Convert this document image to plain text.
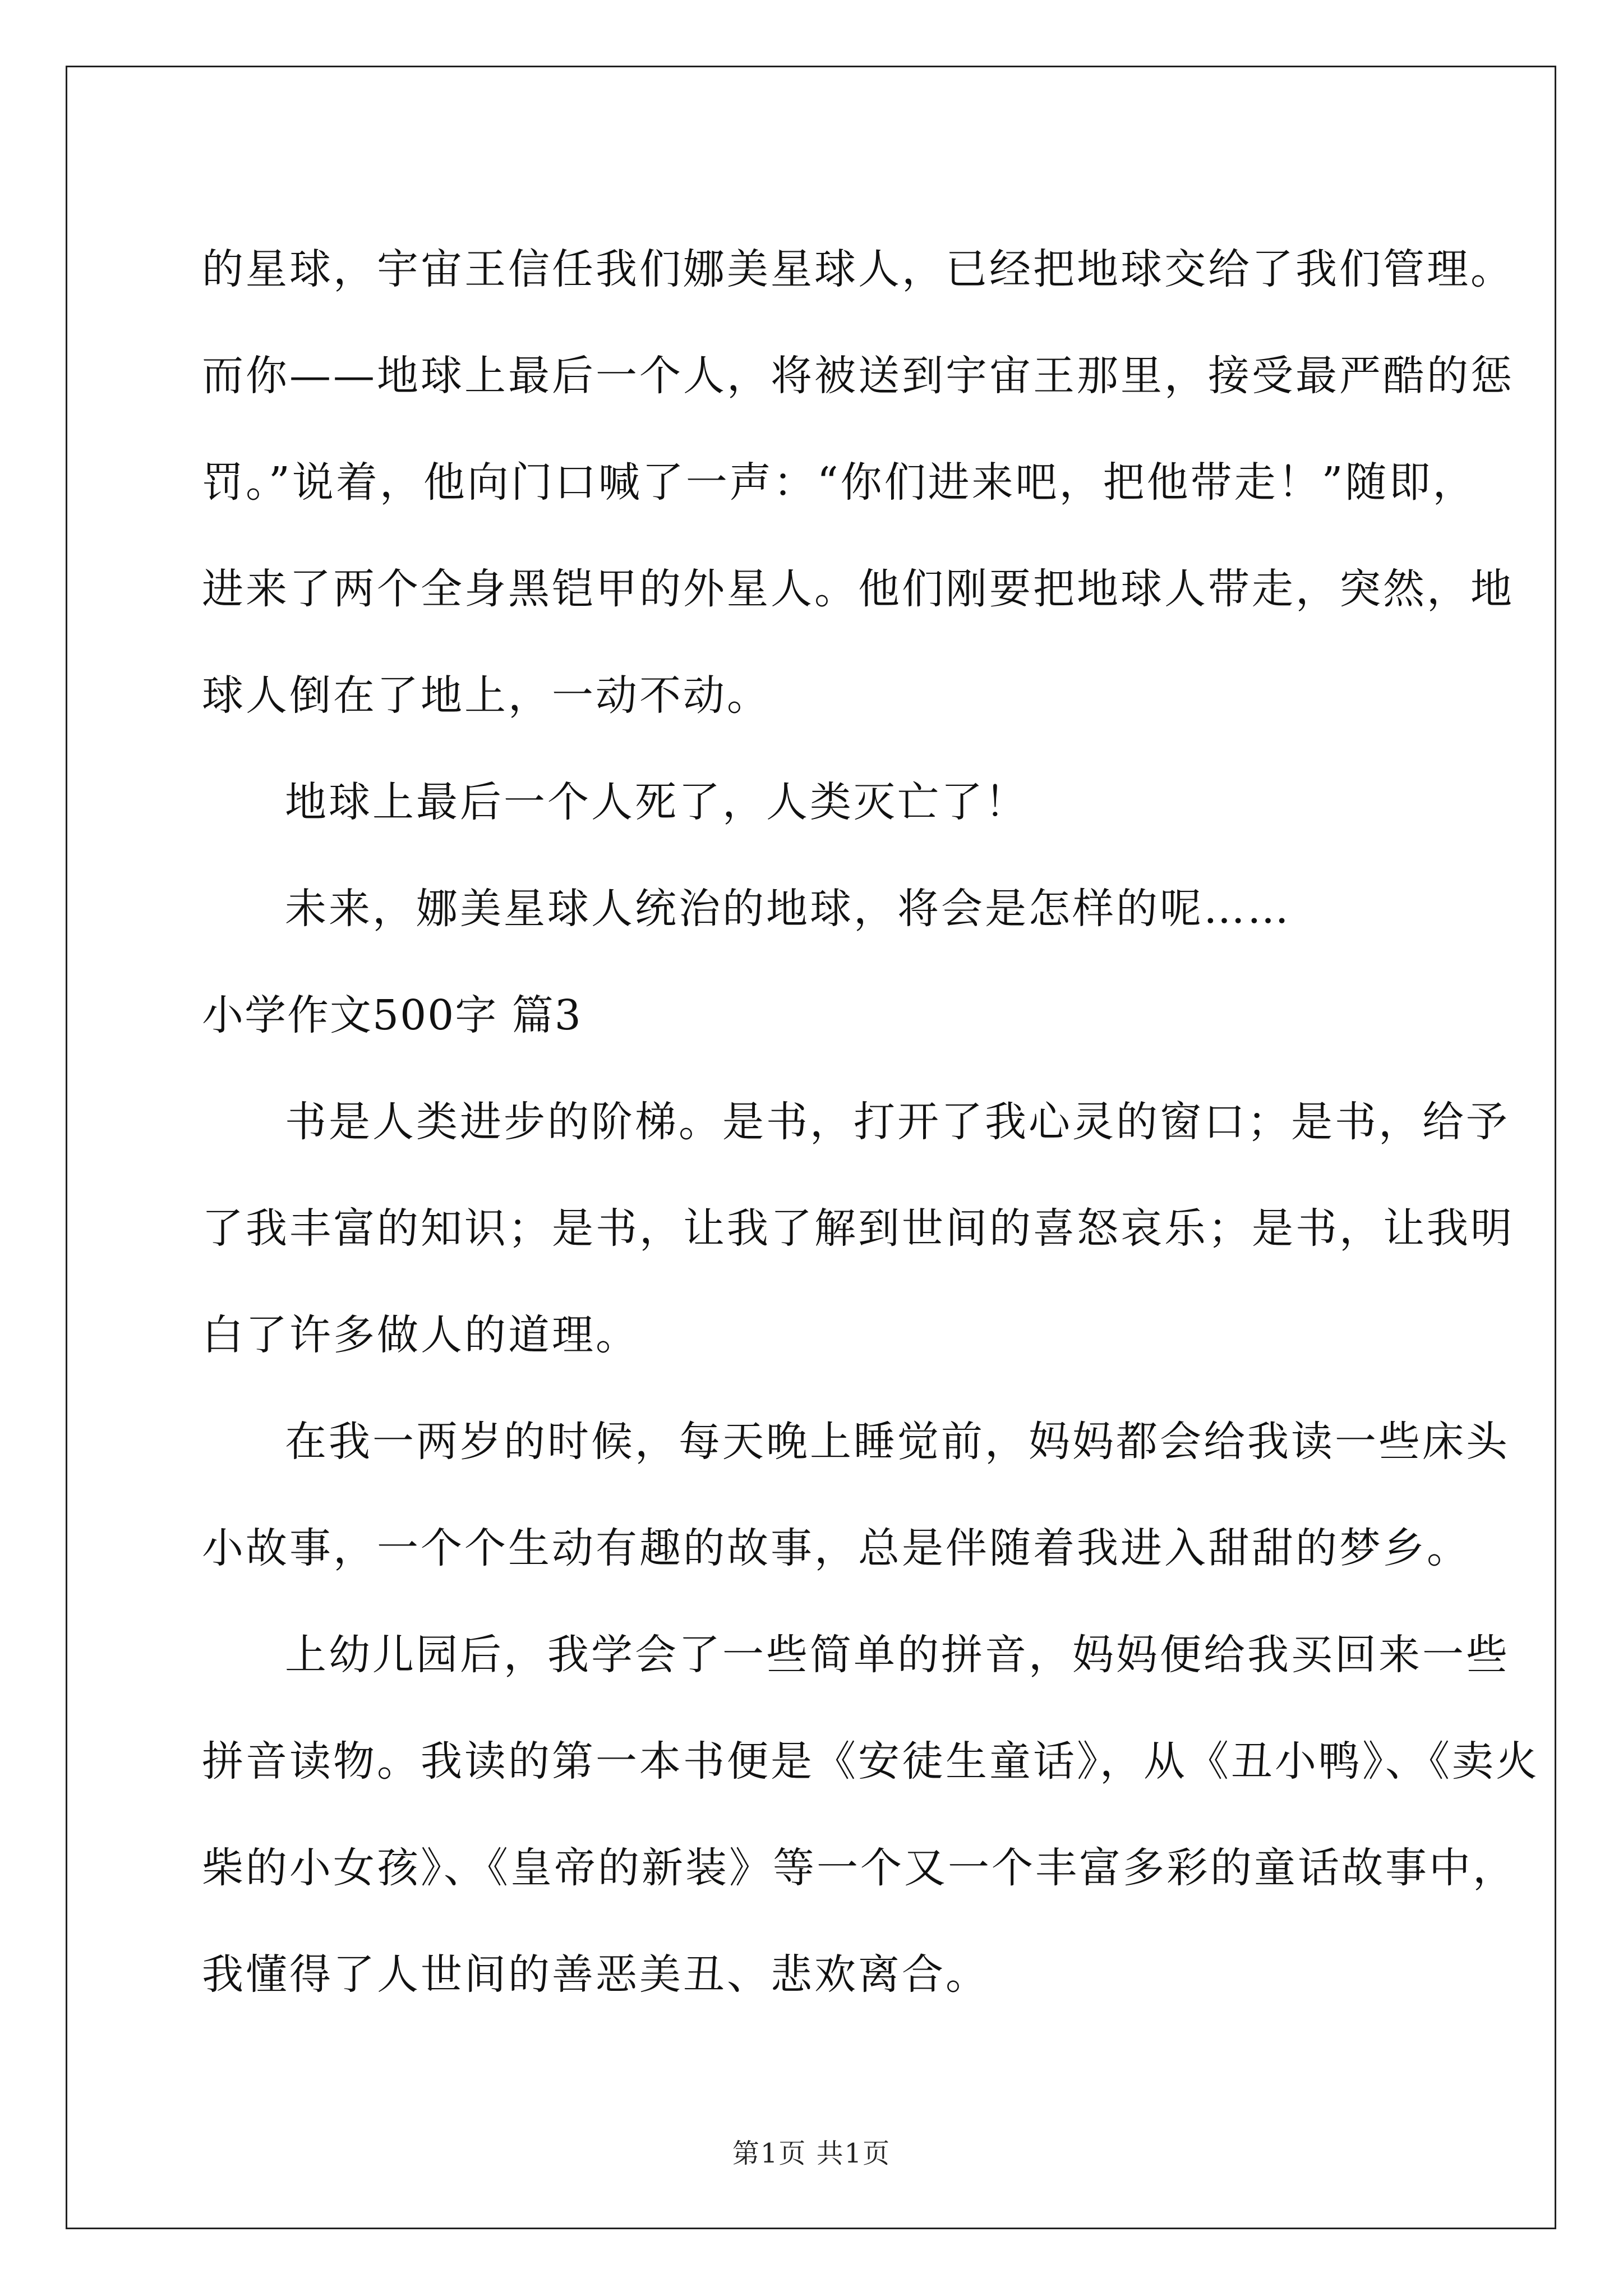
的星球，宇宙王信任我们娜美星球人，已经把地球交给了我们管理。
而你——地球上最后一个人，将被送到宇宙王那里，接受最严酷的惩
罚。”说着，他向门口喊了一声：“你们进来吧，把他带走！”随即，
进来了两个全身黑铠甲的外星人。他们刚要把地球人带走，突然，地
球人倒在了地上，一动不动。
地球上最后一个人死了，人类灭亡了！
未来，娜美星球人统治的地球，将会是怎样的呢……
小学作文500字 篇3
书是人类进步的阶梯。是书，打开了我心灵的窗口；是书，给予
了我丰富的知识；是书，让我了解到世间的喜怒哀乐；是书，让我明
白了许多做人的道理。
在我一两岁的时候，每天晚上睡觉前，妈妈都会给我读一些床头
小故事，一个个生动有趣的故事，总是伴随着我进入甜甜的梦乡。
上幼儿园后，我学会了一些简单的拼音，妈妈便给我买回来一些
拼音读物。我读的第一本书便是《安徒生童话》，从《丑小鸭》、《卖火
柴的小女孩》、《皇帝的新装》等一个又一个丰富多彩的童话故事中，
我懂得了人世间的善恶美丑、悲欢离合。
第1页 共1页
